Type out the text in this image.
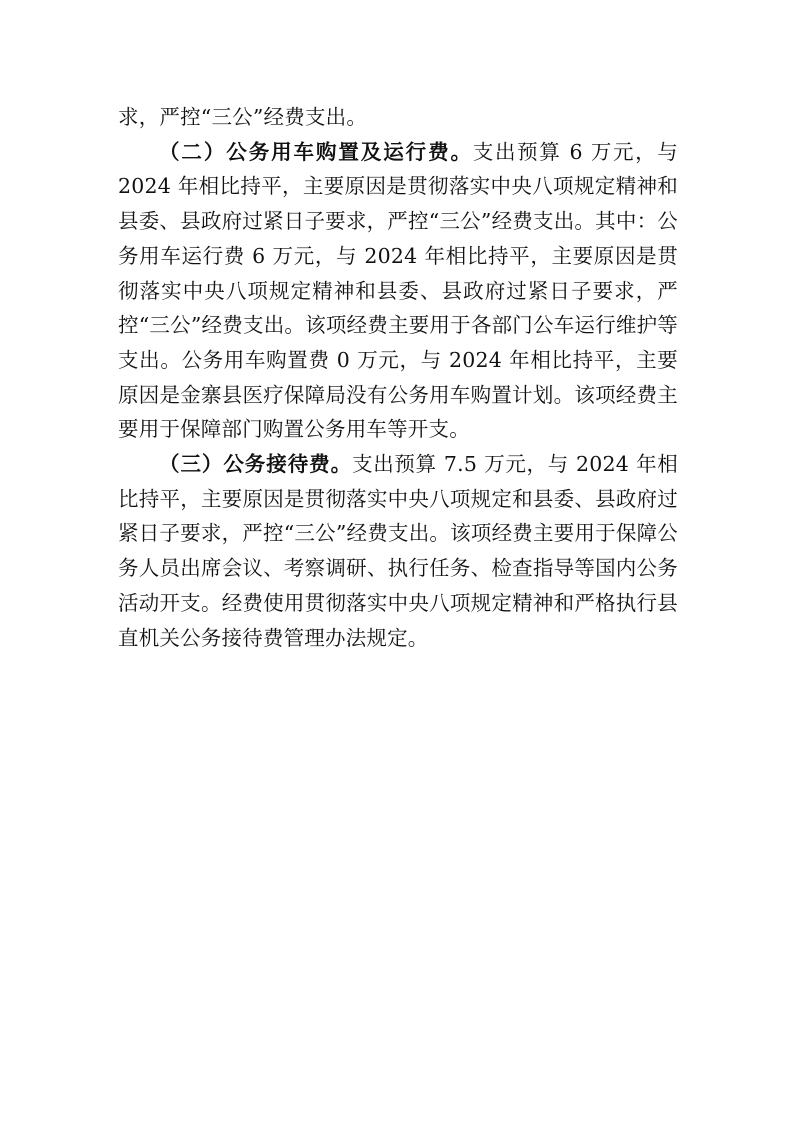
求，严控“三公”经费支出。

（二）公务用车购置及运行费。支出预算 6 万元，与 2024 年相比持平，主要原因是贯彻落实中央八项规定精神和县委、县政府过紧日子要求，严控“三公”经费支出。其中：公务用车运行费 6 万元，与 2024 年相比持平，主要原因是贯彻落实中央八项规定精神和县委、县政府过紧日子要求，严控“三公”经费支出。该项经费主要用于各部门公车运行维护等支出。公务用车购置费 0 万元，与 2024 年相比持平，主要原因是金寨县医疗保障局没有公务用车购置计划。该项经费主要用于保障部门购置公务用车等开支。

（三）公务接待费。支出预算 7.5 万元，与 2024 年相比持平，主要原因是贯彻落实中央八项规定和县委、县政府过紧日子要求，严控“三公”经费支出。该项经费主要用于保障公务人员出席会议、考察调研、执行任务、检查指导等国内公务活动开支。经费使用贯彻落实中央八项规定精神和严格执行县直机关公务接待费管理办法规定。
